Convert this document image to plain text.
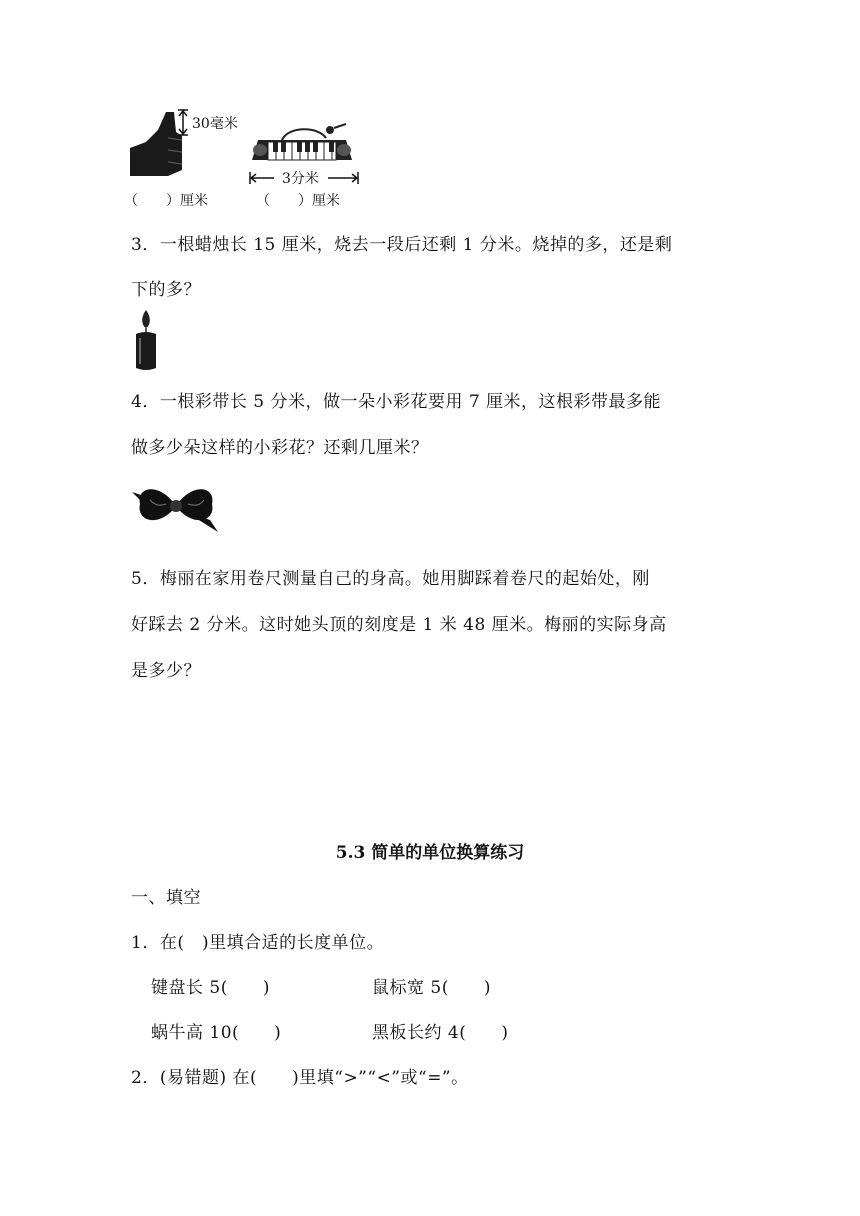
30毫米
（　　）厘米
3分米
（　　）厘米
3．一根蜡烛长 15 厘米，烧去一段后还剩 1 分米。烧掉的多，还是剩
下的多？
4．一根彩带长 5 分米，做一朵小彩花要用 7 厘米，这根彩带最多能
做多少朵这样的小彩花？还剩几厘米？
5．梅丽在家用卷尺测量自己的身高。她用脚踩着卷尺的起始处，刚
好踩去 2 分米。这时她头顶的刻度是 1 米 48 厘米。梅丽的实际身高
是多少？
5.3 简单的单位换算练习
一、填空
1．在(　)里填合适的长度单位。
键盘长 5(　　)	鼠标宽 5(　　)
蜗牛高 10(　　)	黑板长约 4(　　)
2．(易错题) 在(　　)里填“>”“<”或“=”。
